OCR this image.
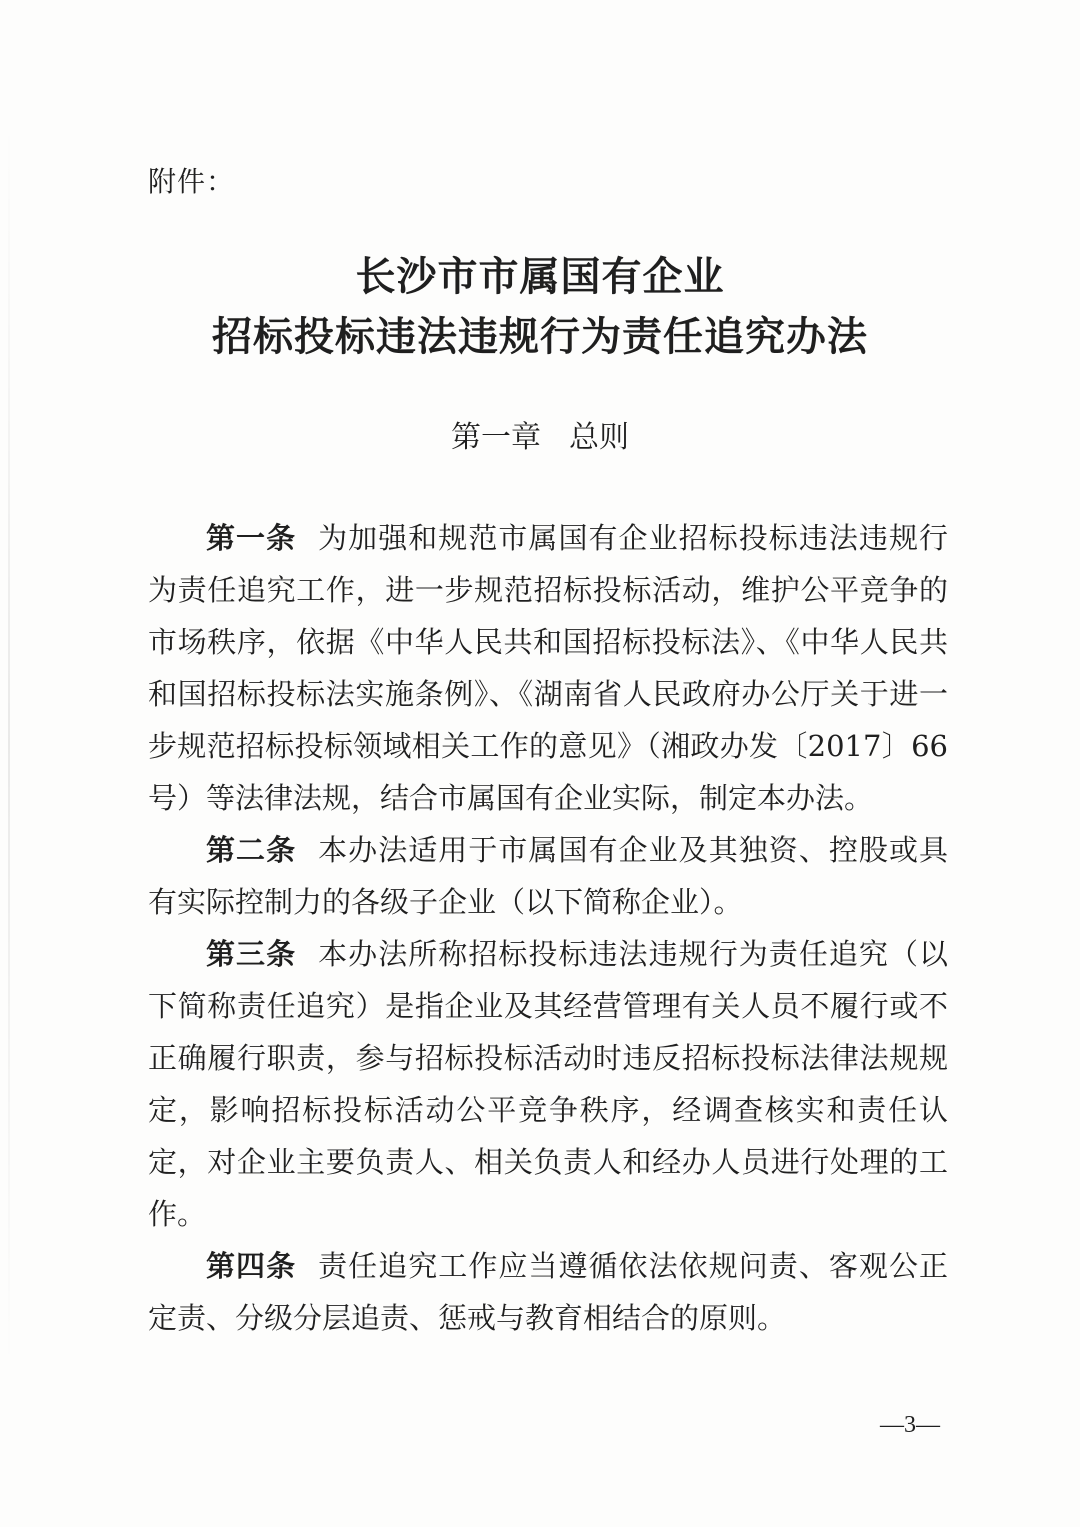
附件：
长沙市市属国有企业
招标投标违法违规行为责任追究办法
第一章 总则

第一条 为加强和规范市属国有企业招标投标违法违规行为责任追究工作，进一步规范招标投标活动，维护公平竞争的市场秩序，依据《中华人民共和国招标投标法》、《中华人民共和国招标投标法实施条例》、《湖南省人民政府办公厅关于进一步规范招标投标领域相关工作的意见》（湘政办发〔2017〕66号）等法律法规，结合市属国有企业实际，制定本办法。

第二条 本办法适用于市属国有企业及其独资、控股或具有实际控制力的各级子企业（以下简称企业）。

第三条 本办法所称招标投标违法违规行为责任追究（以下简称责任追究）是指企业及其经营管理有关人员不履行或不正确履行职责，参与招标投标活动时违反招标投标法律法规规定，影响招标投标活动公平竞争秩序，经调查核实和责任认定，对企业主要负责人、相关负责人和经办人员进行处理的工作。

第四条 责任追究工作应当遵循依法依规问责、客观公正定责、分级分层追责、惩戒与教育相结合的原则。

—3—
